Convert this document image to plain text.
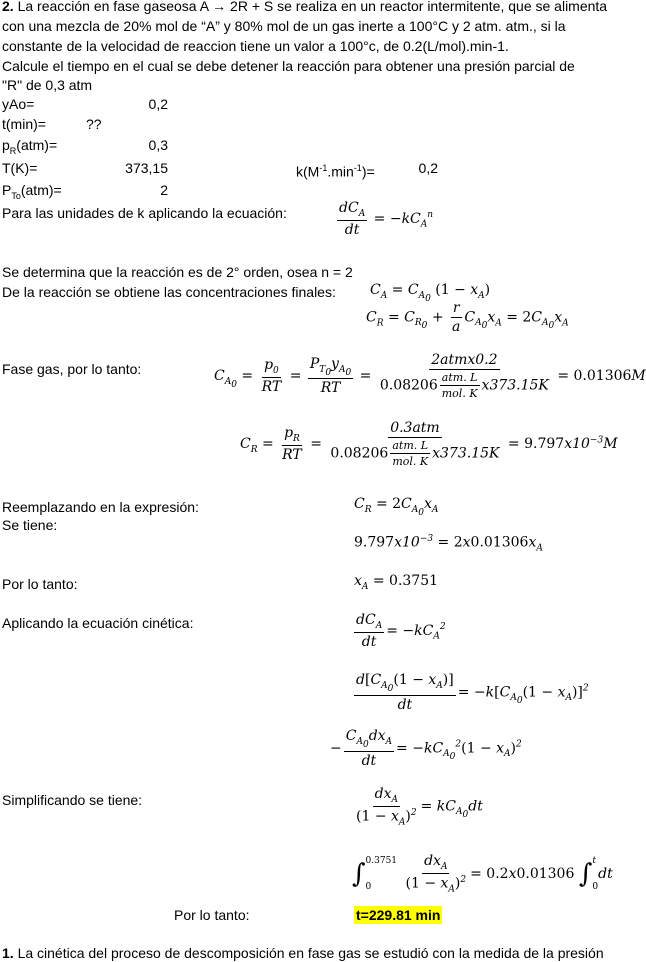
2. La reacción en fase gaseosa A → 2R + S se realiza en un reactor intermitente, que se alimenta
con una mezcla de 20% mol de “A” y 80% mol de un gas inerte a 100°C y 2 atm. atm., si la
constante de la velocidad de reaccion tiene un valor a 100°c, de 0.2(L/mol).min-1.
Calcule el tiempo en el cual se debe detener la reacción para obtener una presión parcial de
"R" de 0,3 atm
yAo=	0,2
t(min)=	??
$p_R(atm)=$	0,3
T(K)=	373,15	$k(M^{-1}.\min^{-1})=$	0,2
$P_{To}(atm)=$	2
Para las unidades de k aplicando la ecuación:	$\frac{dC_A}{dt} = -kC_A^n$
Se determina que la reacción es de 2° orden, osea n = 2
De la reacción se obtiene las concentraciones finales: $C_A = C_{A_0}$ $(1 - x_A)$
$C_R = C_{R_0} + \frac{r}{a} C_{A_0}x_A = 2C_{A_0}x_A$
Fase gas, por lo tanto:	$C_{A_0} = \frac{p_0}{RT} = \frac{P_{T_0}y_{A_0}}{RT} = \frac{\text{2atmx0.2}}{0.08206 \frac{\text{atm. L}}{\text{mol. K}} x373.15K} = 0.01306M$
$C_R = \frac{p_R}{RT} = \frac{\text{0.3atm}}{0.08206 \frac{\text{atm. L}}{\text{mol. K}} x373.15K} = 9.797x10^{-3}M$
Reemplazando en la expresión:
Se tiene:
$C_R = 2C_{A_0}x_A$
$9.797x10^{-3} = 2x0.01306x_A$
Por lo tanto:	$x_A = 0.3751$
Aplicando la ecuación cinética:	$\frac{dC_A}{dt} = -kC_A^2$
$\frac{d[C_{A_0}(1 - x_A)]}{dt} = -k[C_{A_0}(1 - x_A)]^2$
− $\frac{C_{A_0}dx_A}{dt} = -kC_{A_0}^2(1 - x_A)^2$
Simplificando se tiene:	$\frac{dx_A}{(1 - x_A)^2} = kC_{A_0}dt$
∫ 0.3751
0
	$\frac{dx_A}{(1 - x_A)^2} = 0.2x0.01306$ ∫ t
0
dt
Por lo tanto:	t=229.81 min
1. La cinética del proceso de descomposición en fase gas se estudió con la medida de la presión
